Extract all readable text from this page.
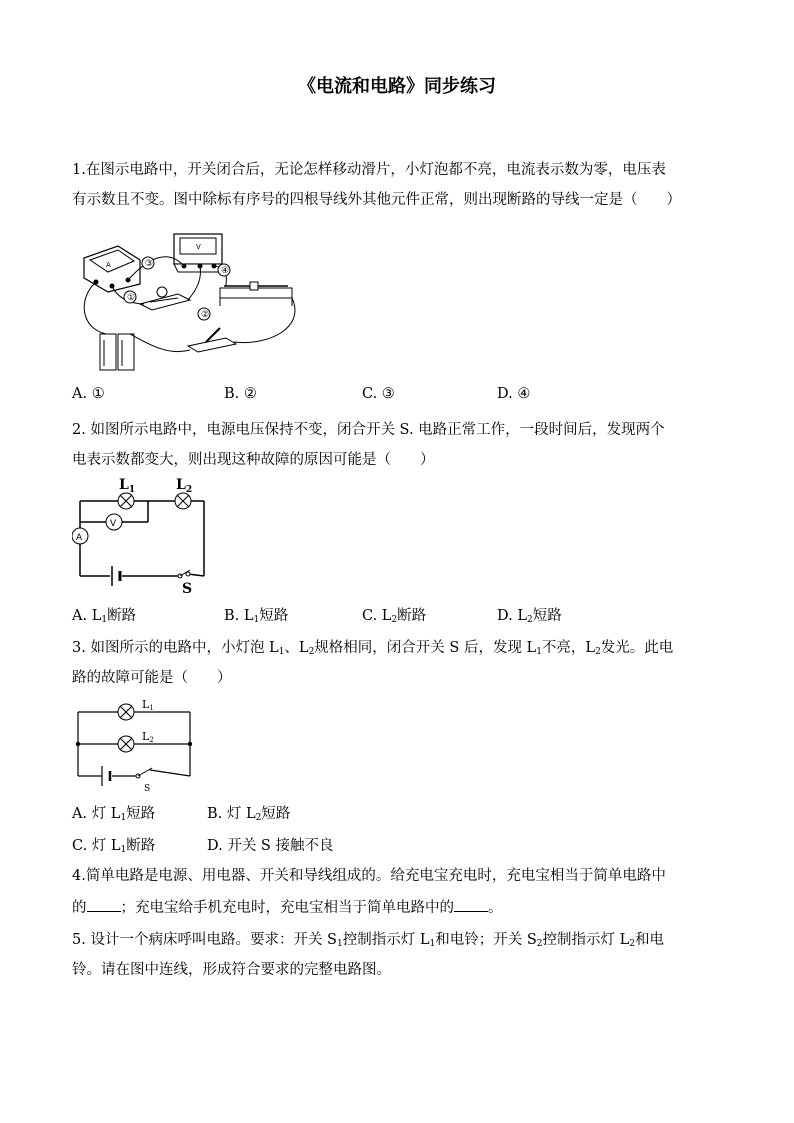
《电流和电路》同步练习
1.在图示电路中，开关闭合后，无论怎样移动滑片，小灯泡都不亮，电流表示数为零，电压表
有示数且不变。图中除标有序号的四根导线外其他元件正常，则出现断路的导线一定是（　　）
A
V
①
②
③
④
A. ①	B. ②	C. ③	D. ④
2. 如图所示电路中，电源电压保持不变，闭合开关 S. 电路正常工作，一段时间后，发现两个
电表示数都变大，则出现这种故障的原因可能是（　　）
V
A
$L_1$	$L_2$
S
A. $L_1$断路	B. $L_1$短路	C. $L_2$断路	D. $L_2$短路
3. 如图所示的电路中，小灯泡 $L_1$、$L_2$规格相同，闭合开关 S 后，发现 $L_1$不亮，$L_2$发光。此电
路的故障可能是（　　）
L1
L2
S
A. 灯 $L_1$短路	B. 灯 $L_2$短路
C. 灯 $L_1$断路	D. 开关 S 接触不良
4.简单电路是电源、用电器、开关和导线组成的。给充电宝充电时，充电宝相当于简单电路中
的 ；充电宝给手机充电时，充电宝相当于简单电路中的 。
5. 设计一个病床呼叫电路。要求：开关 $S_1$控制指示灯 $L_1$和电铃；开关 $S_2$控制指示灯 $L_2$和电
铃。请在图中连线，形成符合要求的完整电路图。
